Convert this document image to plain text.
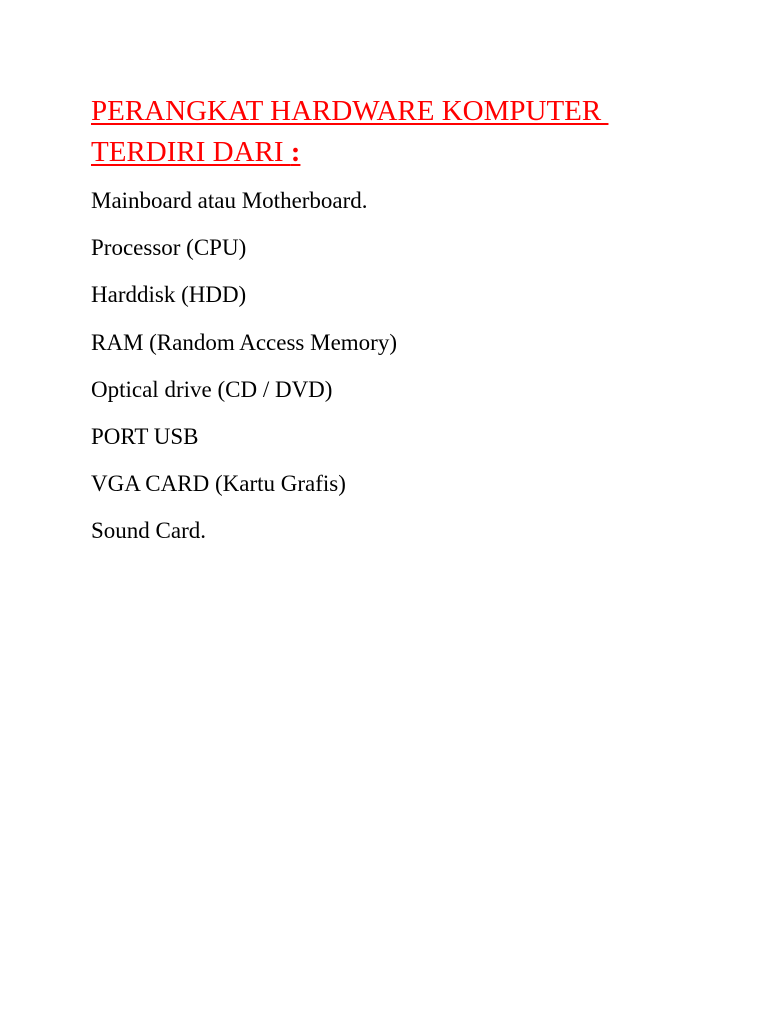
PERANGKAT HARDWARE KOMPUTER
TERDIRI DARI :
Mainboard atau Motherboard.
Processor (CPU)
Harddisk (HDD)
RAM (Random Access Memory)
Optical drive (CD / DVD)
PORT USB
VGA CARD (Kartu Grafis)
Sound Card.
